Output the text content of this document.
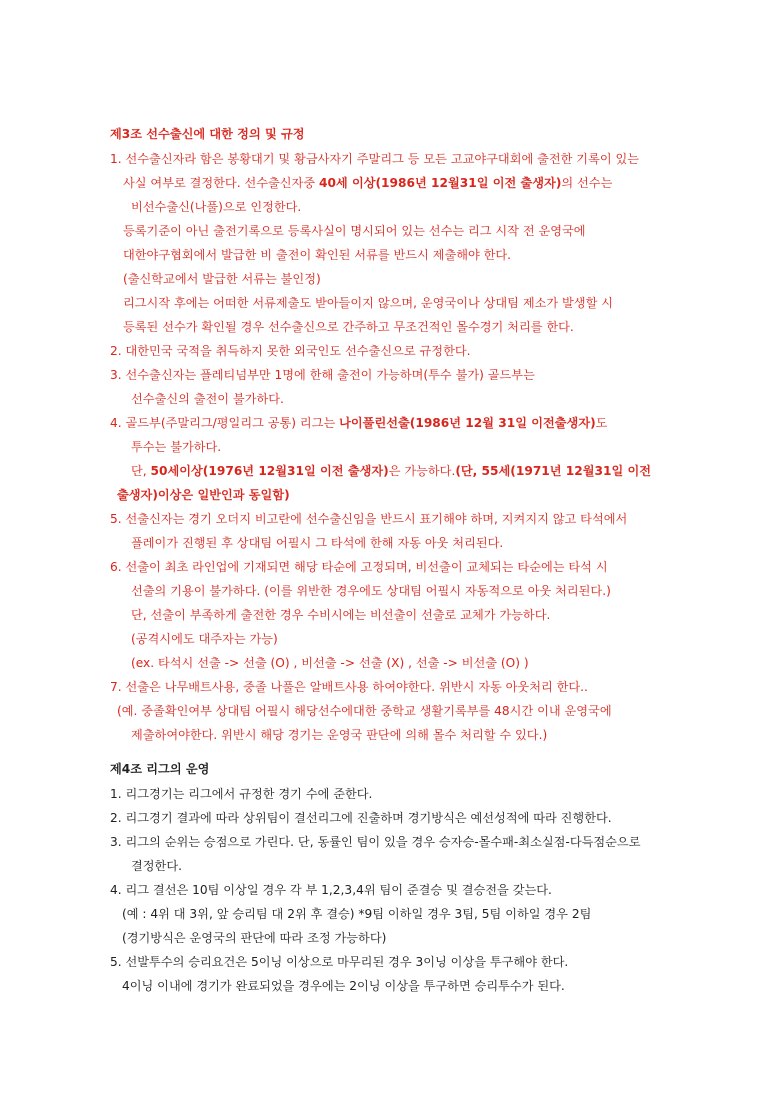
제3조 선수출신에 대한 정의 및 규정
1. 선수출신자라 함은 봉황대기 및 황금사자기 주말리그 등 모든 고교야구대회에 출전한 기록이 있는
사실 여부로 결정한다. 선수출신자중 40세 이상(1986년 12월31일 이전 출생자)의 선수는
비선수출신(나풀)으로 인정한다.
등록기준이 아닌 출전기록으로 등록사실이 명시되어 있는 선수는 리그 시작 전 운영국에
대한야구협회에서 발급한 비 출전이 확인된 서류를 반드시 제출해야 한다.
(출신학교에서 발급한 서류는 불인정)
리그시작 후에는 어떠한 서류제출도 받아들이지 않으며, 운영국이나 상대팀 제소가 발생할 시
등록된 선수가 확인될 경우 선수출신으로 간주하고 무조건적인 몰수경기 처리를 한다.
2. 대한민국 국적을 취득하지 못한 외국인도 선수출신으로 규정한다.
3. 선수출신자는 플레티넘부만 1명에 한해 출전이 가능하며(투수 불가) 골드부는
선수출신의 출전이 불가하다.
4. 골드부(주말리그/평일리그 공통) 리그는 나이풀린선출(1986년 12월 31일 이전출생자)도
투수는 불가하다.
단, 50세이상(1976년 12월31일 이전 출생자)은 가능하다.(단, 55세(1971년 12월31일 이전
출생자)이상은 일반인과 동일함)
5. 선출신자는 경기 오더지 비고란에 선수출신임을 반드시 표기해야 하며, 지켜지지 않고 타석에서
플레이가 진행된 후 상대팀 어필시 그 타석에 한해 자동 아웃 처리된다.
6. 선출이 최초 라인업에 기재되면 해당 타순에 고정되며, 비선출이 교체되는 타순에는 타석 시
선출의 기용이 불가하다. (이를 위반한 경우에도 상대팀 어필시 자동적으로 아웃 처리된다.)
단, 선출이 부족하게 출전한 경우 수비시에는 비선출이 선출로 교체가 가능하다.
(공격시에도 대주자는 가능)
(ex. 타석시 선출 -> 선출 (O) , 비선출 -> 선출 (X) , 선출 -> 비선출 (O) )
7. 선출은 나무배트사용, 중졸 나풀은 알배트사용 하여야한다. 위반시 자동 아웃처리 한다..
(예. 중졸확인여부 상대팀 어필시 해당선수에대한 중학교 생활기록부를 48시간 이내 운영국에
제출하여야한다. 위반시 해당 경기는 운영국 판단에 의해 몰수 처리할 수 있다.)
제4조 리그의 운영
1. 리그경기는 리그에서 규정한 경기 수에 준한다.
2. 리그경기 결과에 따라 상위팀이 결선리그에 진출하며 경기방식은 예선성적에 따라 진행한다.
3. 리그의 순위는 승점으로 가린다. 단, 동률인 팀이 있을 경우 승자승-몰수패-최소실점-다득점순으로
결정한다.
4. 리그 결선은 10팀 이상일 경우 각 부 1,2,3,4위 팀이 준결승 및 결승전을 갖는다.
(예 : 4위 대 3위, 앞 승리팀 대 2위 후 결승) *9팀 이하일 경우 3팀, 5팀 이하일 경우 2팀
(경기방식은 운영국의 판단에 따라 조정 가능하다)
5. 선발투수의 승리요건은 5이닝 이상으로 마무리된 경우 3이닝 이상을 투구해야 한다.
4이닝 이내에 경기가 완료되었을 경우에는 2이닝 이상을 투구하면 승리투수가 된다.
